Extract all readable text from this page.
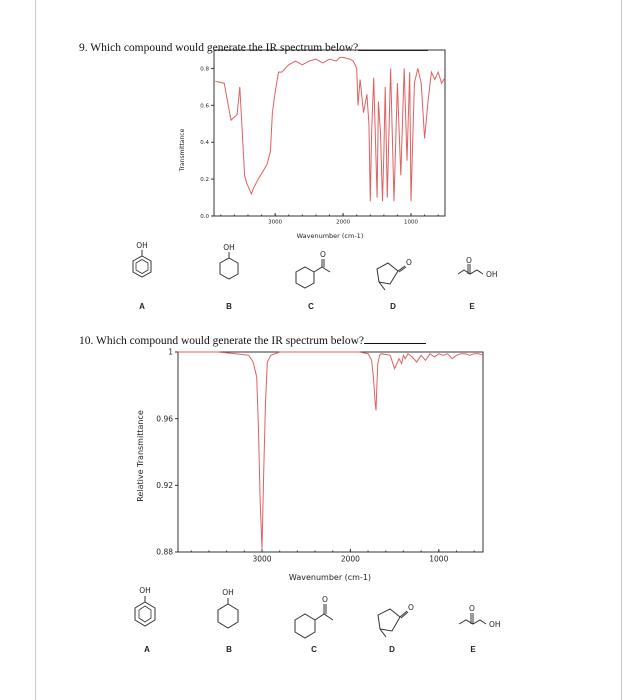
9. Which compound would generate the IR spectrum below?
10. Which compound would generate the IR spectrum below?
0.8
0.6
0.4
0.2
0.0
3000	2000	1000
Wavenumber (cm-1)
Transmittance
1
0.96
0.92
0.88
3000	2000	1000
Wavenumber (cm-1)
Relative Transmittance
OH	OH
O
O	O
OH
A	B	C	D	E
OH	OH
O
O	O
OH
A	B	C	D	E
